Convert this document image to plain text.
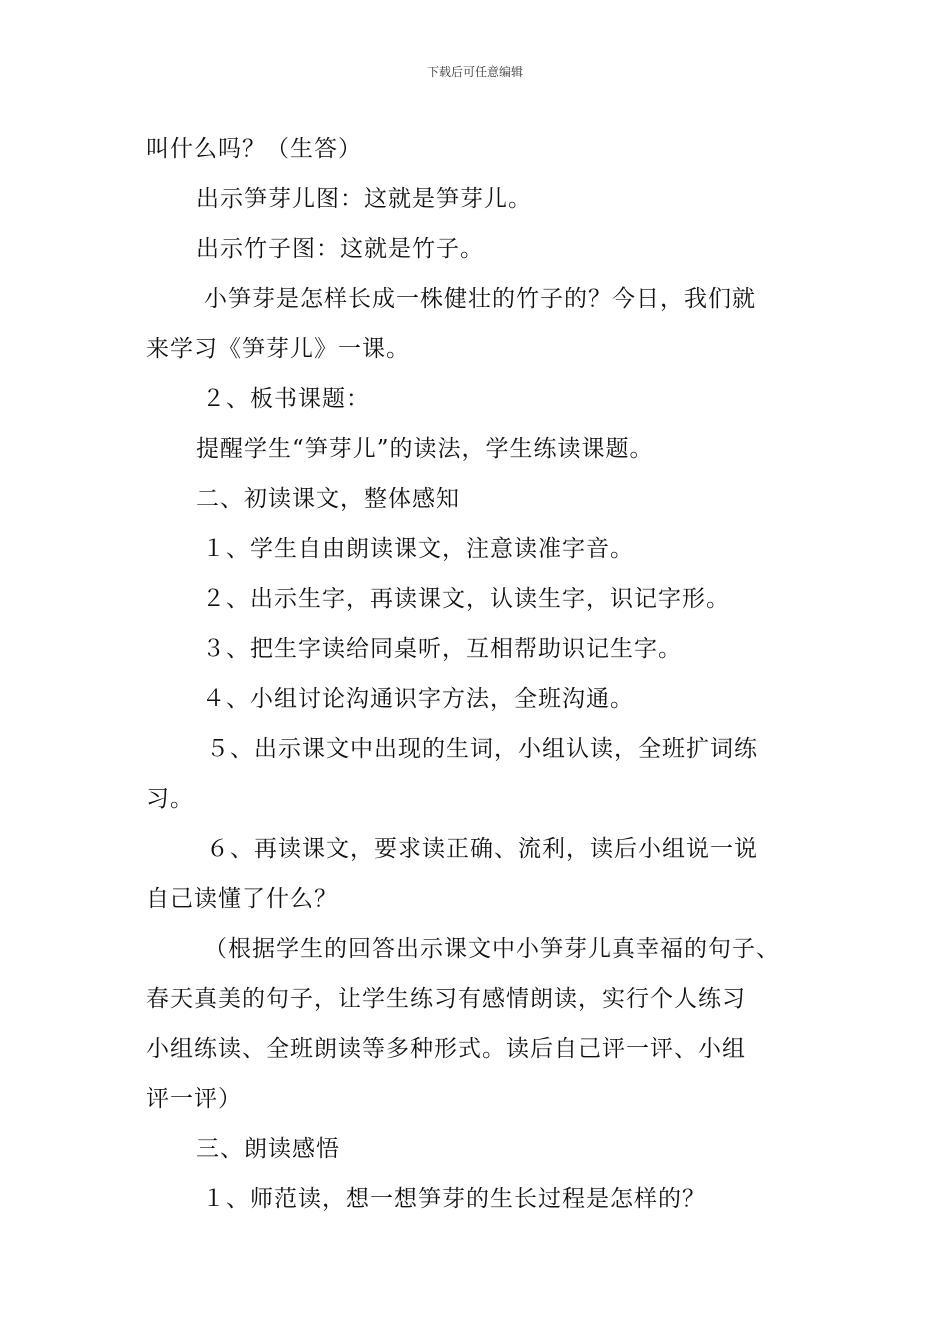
下载后可任意编辑
叫什么吗？（生答）
出示笋芽儿图：这就是笋芽儿。
出示竹子图：这就是竹子。
小笋芽是怎样长成一株健壮的竹子的？今日，我们就
来学习《笋芽儿》一课。
２、板书课题：
提醒学生“笋芽儿”的读法，学生练读课题。
二、初读课文，整体感知
１、学生自由朗读课文，注意读准字音。
２、出示生字，再读课文，认读生字，识记字形。
３、把生字读给同桌听，互相帮助识记生字。
４、小组讨论沟通识字方法，全班沟通。
５、出示课文中出现的生词，小组认读，全班扩词练
习。
６、再读课文，要求读正确、流利，读后小组说一说
自己读懂了什么？
（根据学生的回答出示课文中小笋芽儿真幸福的句子、
春天真美的句子，让学生练习有感情朗读，实行个人练习
小组练读、全班朗读等多种形式。读后自己评一评、小组
评一评）
三、朗读感悟
１、师范读，想一想笋芽的生长过程是怎样的？
